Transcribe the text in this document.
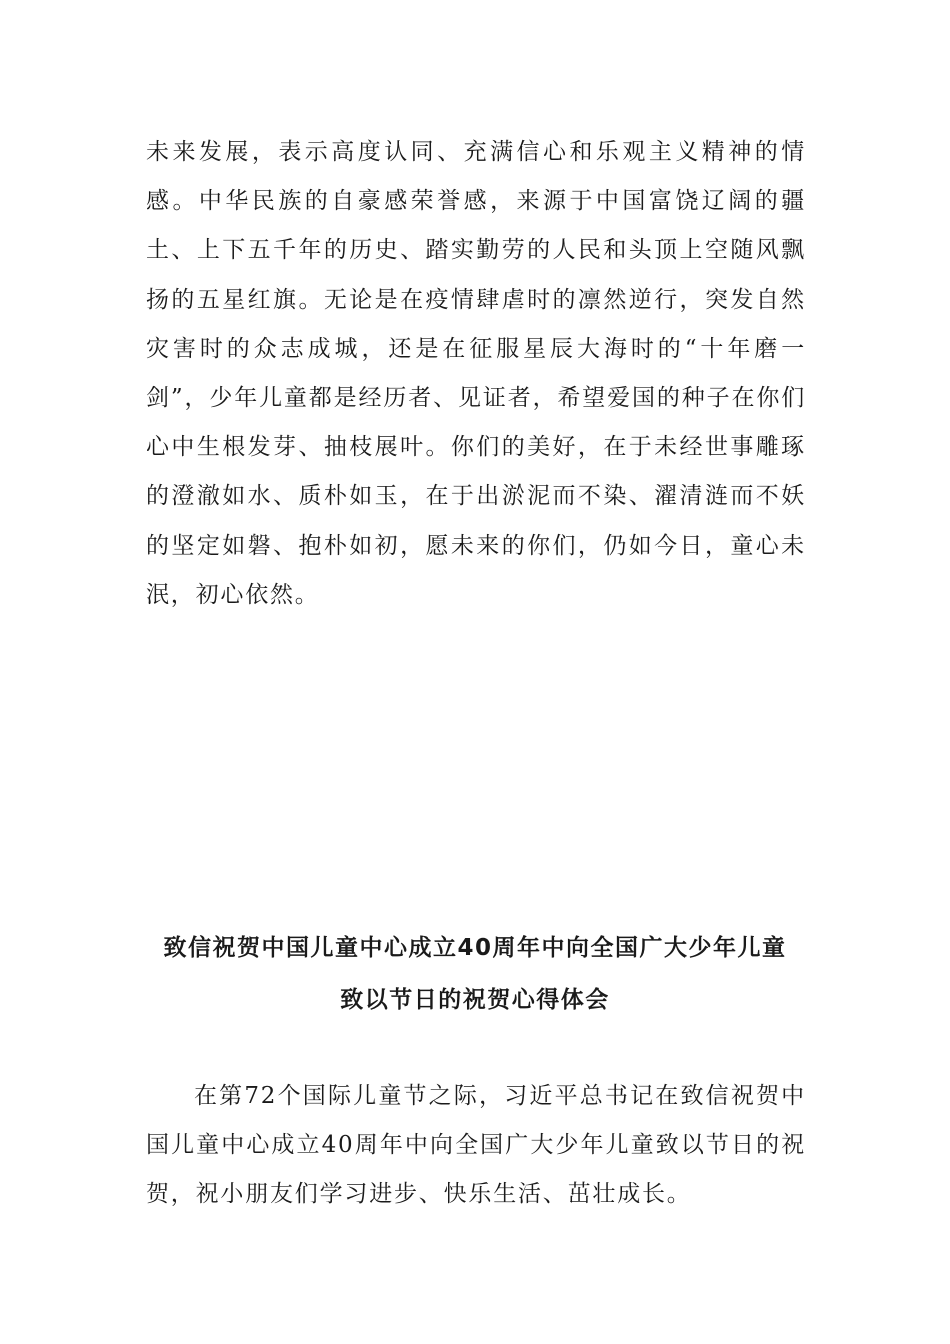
未来发展，表示高度认同、充满信心和乐观主义精神的情感。中华民族的自豪感荣誉感，来源于中国富饶辽阔的疆土、上下五千年的历史、踏实勤劳的人民和头顶上空随风飘扬的五星红旗。无论是在疫情肆虐时的凛然逆行，突发自然灾害时的众志成城，还是在征服星辰大海时的“十年磨一剑”，少年儿童都是经历者、见证者，希望爱国的种子在你们心中生根发芽、抽枝展叶。你们的美好，在于未经世事雕琢的澄澈如水、质朴如玉，在于出淤泥而不染、濯清涟而不妖的坚定如磐、抱朴如初，愿未来的你们，仍如今日，童心未泯，初心依然。

致信祝贺中国儿童中心成立40周年中向全国广大少年儿童
致以节日的祝贺心得体会

在第72个国际儿童节之际，习近平总书记在致信祝贺中国儿童中心成立40周年中向全国广大少年儿童致以节日的祝贺，祝小朋友们学习进步、快乐生活、茁壮成长。
